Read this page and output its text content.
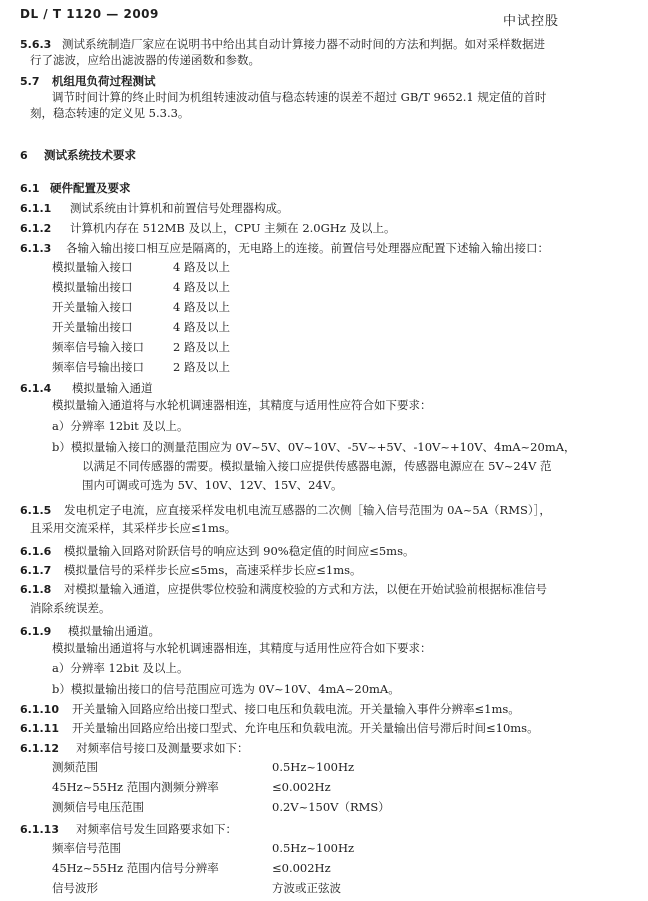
DL / T 1120 — 2009	中试控股

5.6.3 测试系统制造厂家应在说明书中给出其自动计算接力器不动时间的方法和判据。如对采样数据进

行了滤波，应给出滤波器的传递函数和参数。

5.7 机组甩负荷过程测试

调节时间计算的终止时间为机组转速波动值与稳态转速的误差不超过 GB/T 9652.1 规定值的首时

刻，稳态转速的定义见 5.3.3。

6 测试系统技术要求

6.1 硬件配置及要求

6.1.1 测试系统由计算机和前置信号处理器构成。

6.1.2 计算机内存在 512MB 及以上，CPU 主频在 2.0GHz 及以上。

6.1.3 各输入输出接口相互应是隔离的，无电路上的连接。前置信号处理器应配置下述输入输出接口：

模拟量输入接口	4 路及以上

模拟量输出接口	4 路及以上

开关量输入接口	4 路及以上

开关量输出接口	4 路及以上

频率信号输入接口	2 路及以上

频率信号输出接口	2 路及以上

6.1.4 模拟量输入通道

模拟量输入通道将与水轮机调速器相连，其精度与适用性应符合如下要求：

a）分辨率 12bit 及以上。

b）模拟量输入接口的测量范围应为 0V~5V、0V~10V、-5V~+5V、-10V~+10V、4mA~20mA，

以满足不同传感器的需要。模拟量输入接口应提供传感器电源，传感器电源应在 5V~24V 范

围内可调或可选为 5V、10V、12V、15V、24V。

6.1.5 发电机定子电流，应直接采样发电机电流互感器的二次侧［输入信号范围为 0A~5A（RMS）］，

且采用交流采样，其采样步长应≤1ms。

6.1.6 模拟量输入回路对阶跃信号的响应达到 90%稳定值的时间应≤5ms。

6.1.7 模拟量信号的采样步长应≤5ms，高速采样步长应≤1ms。

6.1.8 对模拟量输入通道，应提供零位校验和满度校验的方式和方法，以便在开始试验前根据标准信号

消除系统误差。

6.1.9 模拟量输出通道。

模拟量输出通道将与水轮机调速器相连，其精度与适用性应符合如下要求：

a）分辨率 12bit 及以上。

b）模拟量输出接口的信号范围应可选为 0V~10V、4mA~20mA。

6.1.10 开关量输入回路应给出接口型式、接口电压和负载电流。开关量输入事件分辨率≤1ms。

6.1.11 开关量输出回路应给出接口型式、允许电压和负载电流。开关量输出信号滞后时间≤10ms。

6.1.12 对频率信号接口及测量要求如下：

测频范围	0.5Hz~100Hz

45Hz~55Hz 范围内测频分辨率	≤0.002Hz

测频信号电压范围	0.2V~150V（RMS）

6.1.13 对频率信号发生回路要求如下：

频率信号范围	0.5Hz~100Hz

45Hz~55Hz 范围内信号分辨率	≤0.002Hz

信号波形	方波或正弦波
